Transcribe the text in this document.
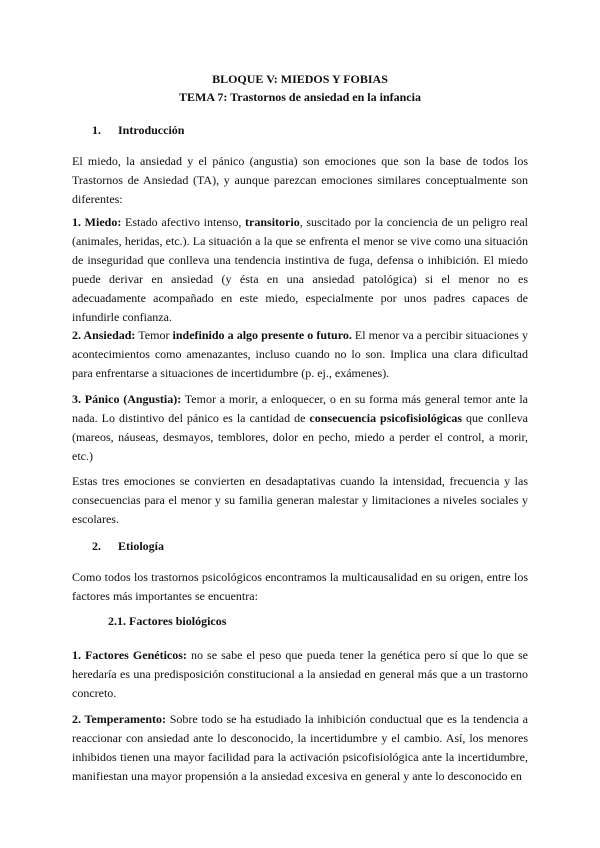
BLOQUE V: MIEDOS Y FOBIAS
TEMA 7: Trastornos de ansiedad en la infancia
1. Introducción

El miedo, la ansiedad y el pánico (angustia) son emociones que son la base de todos los Trastornos de Ansiedad (TA), y aunque parezcan emociones similares conceptualmente son diferentes:

1. Miedo: Estado afectivo intenso, transitorio, suscitado por la conciencia de un peligro real (animales, heridas, etc.). La situación a la que se enfrenta el menor se vive como una situación de inseguridad que conlleva una tendencia instintiva de fuga, defensa o inhibición. El miedo puede derivar en ansiedad (y ésta en una ansiedad patológica) si el menor no es adecuadamente acompañado en este miedo, especialmente por unos padres capaces de infundirle confianza.

2. Ansiedad: Temor indefinido a algo presente o futuro. El menor va a percibir situaciones y acontecimientos como amenazantes, incluso cuando no lo son. Implica una clara dificultad para enfrentarse a situaciones de incertidumbre (p. ej., exámenes).

3. Pánico (Angustia): Temor a morir, a enloquecer, o en su forma más general temor ante la nada. Lo distintivo del pánico es la cantidad de consecuencia psicofisiológicas que conlleva (mareos, náuseas, desmayos, temblores, dolor en pecho, miedo a perder el control, a morir, etc.)

Estas tres emociones se convierten en desadaptativas cuando la intensidad, frecuencia y las consecuencias para el menor y su familia generan malestar y limitaciones a niveles sociales y escolares.

2. Etiología

Como todos los trastornos psicológicos encontramos la multicausalidad en su origen, entre los factores más importantes se encuentra:

2.1. Factores biológicos

1. Factores Genéticos: no se sabe el peso que pueda tener la genética pero sí que lo que se heredaría es una predisposición constitucional a la ansiedad en general más que a un trastorno concreto.

2. Temperamento: Sobre todo se ha estudiado la inhibición conductual que es la tendencia a reaccionar con ansiedad ante lo desconocido, la incertidumbre y el cambio. Así, los menores inhibidos tienen una mayor facilidad para la activación psicofisiológica ante la incertidumbre, manifiestan una mayor propensión a la ansiedad excesiva en general y ante lo desconocido en
